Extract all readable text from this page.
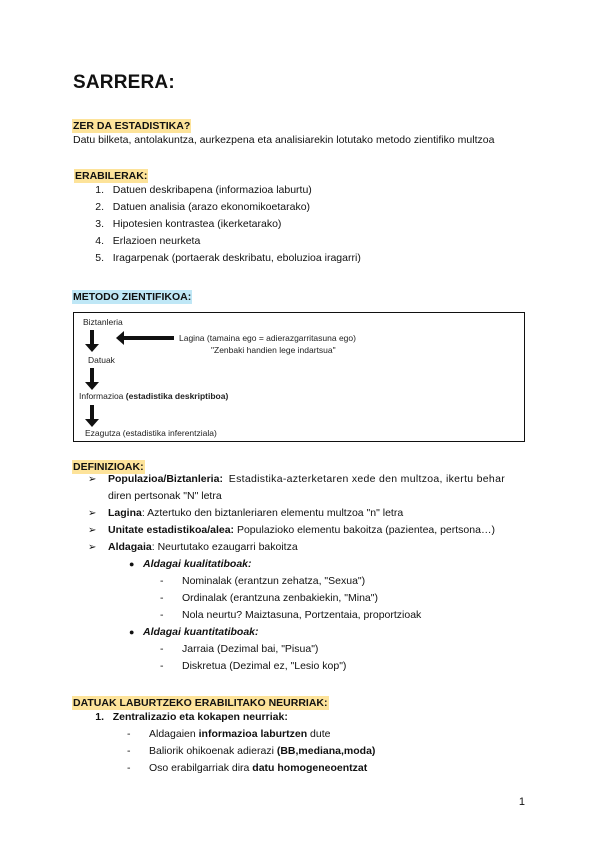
SARRERA:
ZER DA ESTADISTIKA?
Datu bilketa, antolakuntza, aurkezpena eta analisiarekin lotutako metodo zientifiko multzoa
ERABILERAK:
1. Datuen deskribapena (informazioa laburtu)
2. Datuen analisia (arazo ekonomikoetarako)
3. Hipotesien kontrastea (ikerketarako)
4. Erlazioen neurketa
5. Iragarpenak (portaerak deskribatu, eboluzioa iragarri)
METODO ZIENTIFIKOA:
Biztanleria
Lagina (tamaina ego = adierazgarritasuna ego)
"Zenbaki handien lege indartsua"
Datuak
Informazioa (estadistika deskriptiboa)
Ezagutza (estadistika inferentziala)
DEFINIZIOAK:
➢ Populazioa/Biztanleria: Estadistika-azterketaren xede den multzoa, ikertu behar
diren pertsonak "N" letra
➢ Lagina: Aztertuko den biztanleriaren elementu multzoa "n" letra
➢ Unitate estadistikoa/alea: Populazioko elementu bakoitza (pazientea, pertsona…)
➢ Aldagaia: Neurtutako ezaugarri bakoitza
● Aldagai kualitatiboak:
- Nominalak (erantzun zehatza, "Sexua")
- Ordinalak (erantzuna zenbakiekin, "Mina")
- Nola neurtu? Maiztasuna, Portzentaia, proportzioak
● Aldagai kuantitatiboak:
- Jarraia (Dezimal bai, "Pisua")
- Diskretua (Dezimal ez, "Lesio kop")
DATUAK LABURTZEKO ERABILITAKO NEURRIAK:
1. Zentralizazio eta kokapen neurriak:
- Aldagaien informazioa laburtzen dute
- Baliorik ohikoenak adierazi (BB,mediana,moda)
- Oso erabilgarriak dira datu homogeneoentzat
1
